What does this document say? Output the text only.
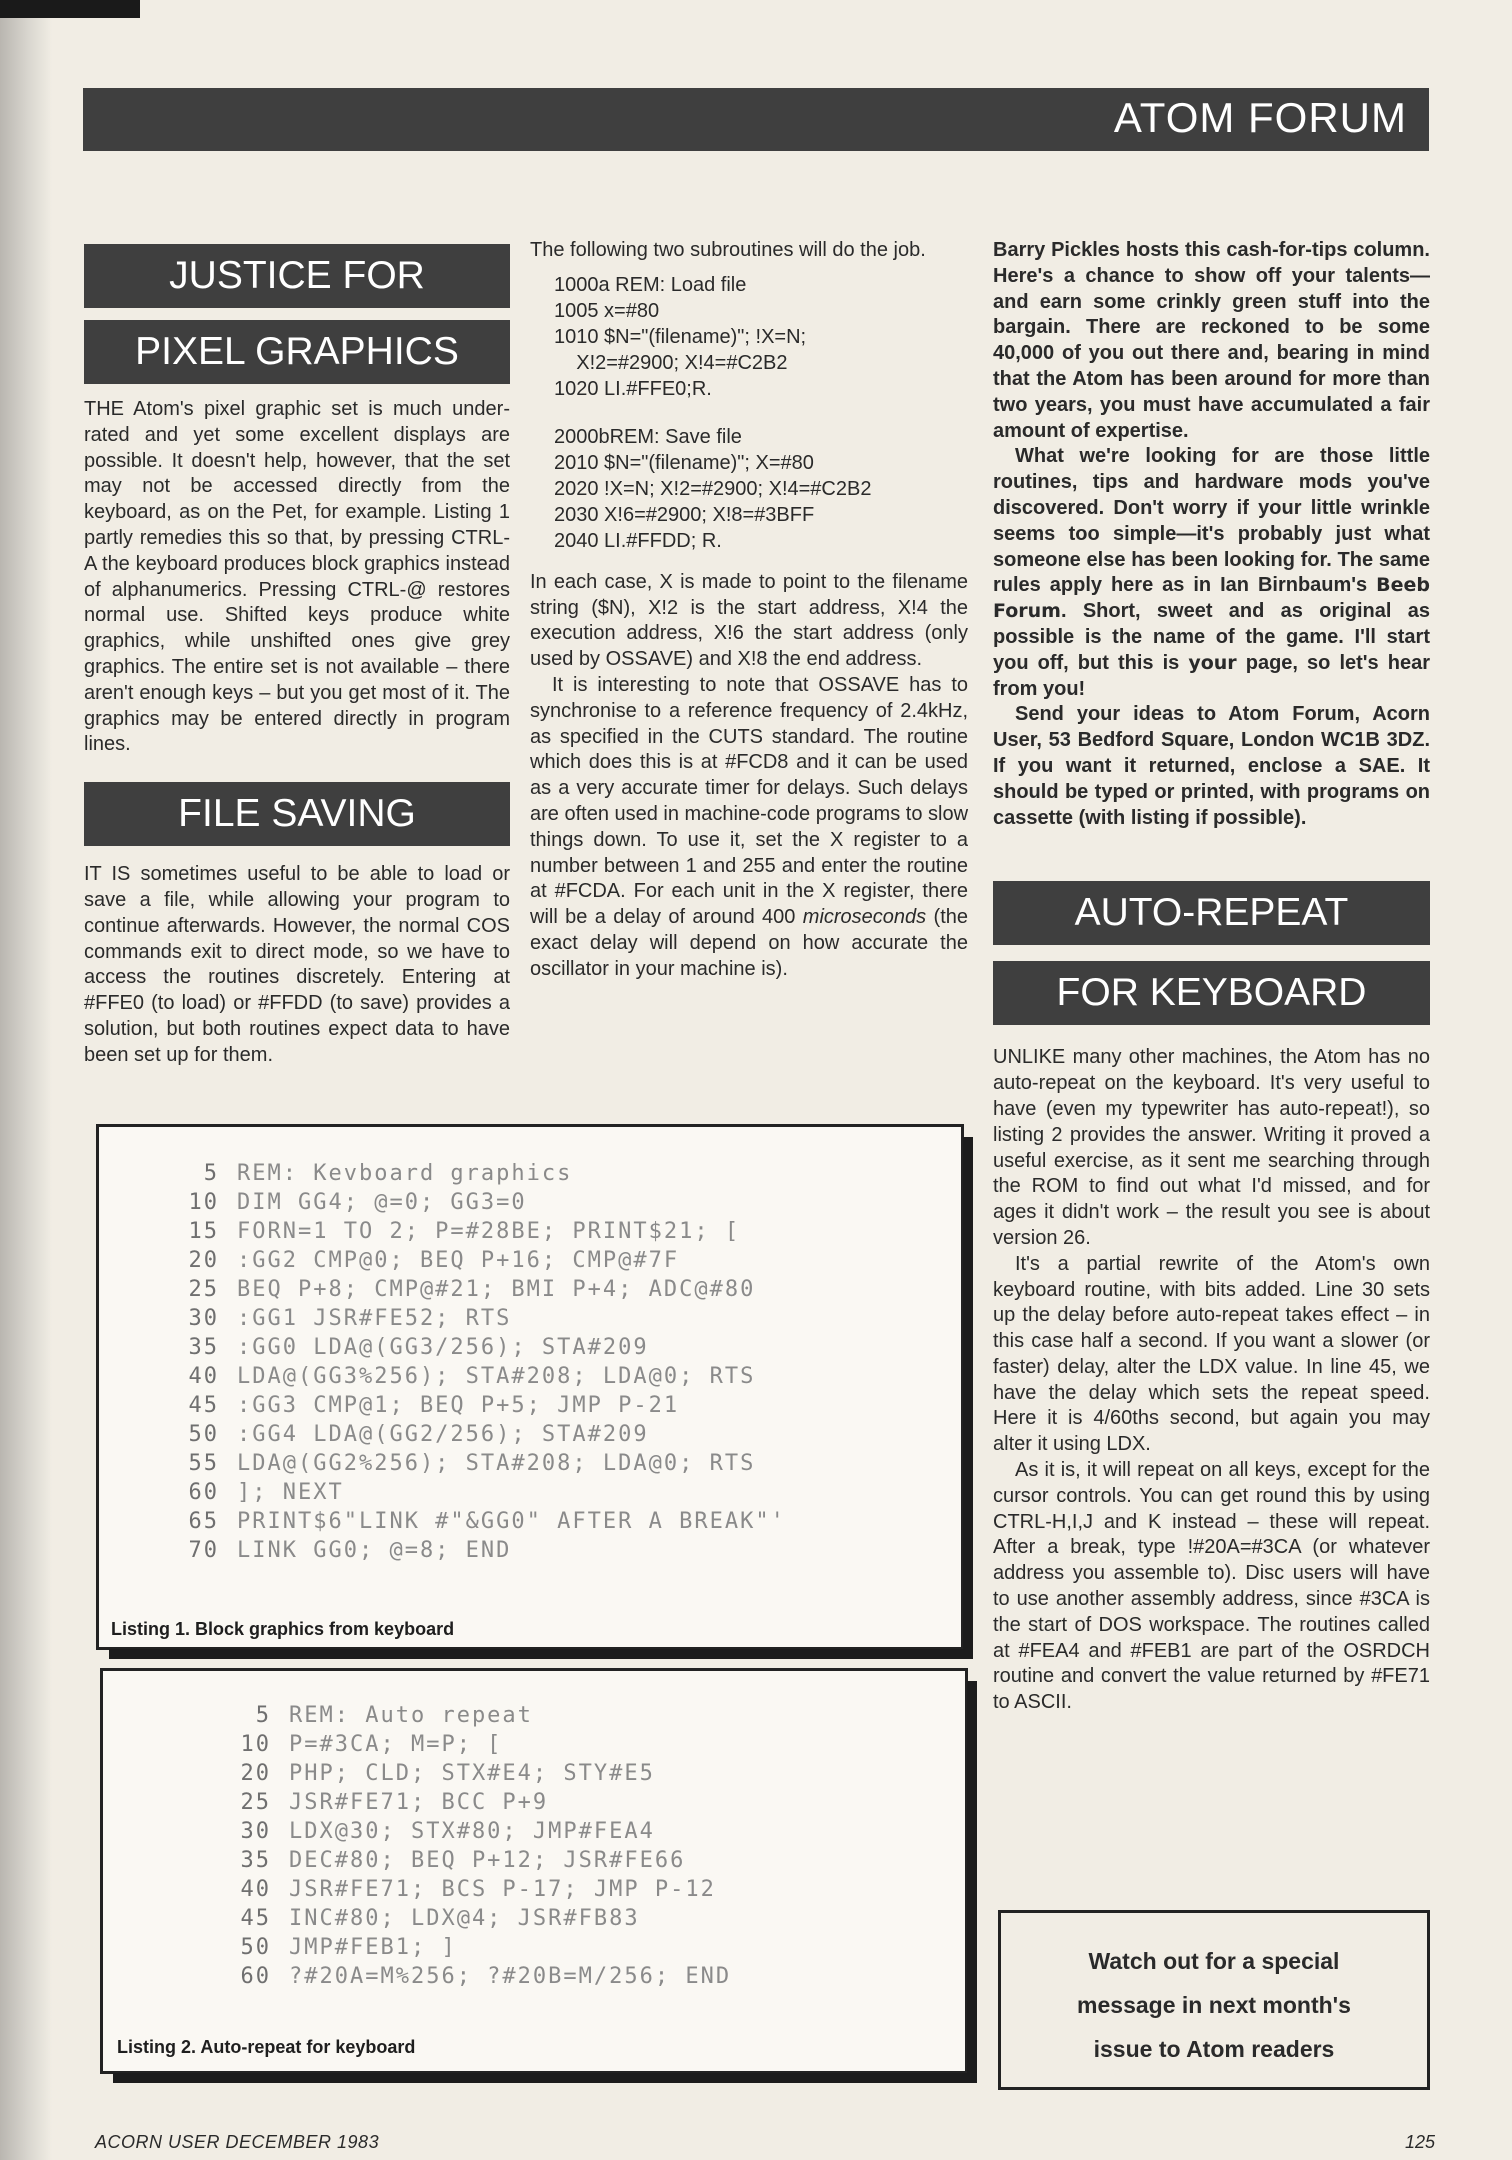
ATOM FORUM
JUSTICE FOR
PIXEL GRAPHICS

THE Atom's pixel graphic set is much under-rated and yet some excellent displays are possible. It doesn't help, however, that the set may not be accessed directly from the keyboard, as on the Pet, for example. Listing 1 partly remedies this so that, by pressing CTRL-A the keyboard produces block graphics instead of alphanumerics. Pressing CTRL-@ restores normal use. Shifted keys produce white graphics, while unshifted ones give grey graphics. The entire set is not available – there aren't enough keys – but you get most of it. The graphics may be entered directly in program lines.

FILE SAVING

IT IS sometimes useful to be able to load or save a file, while allowing your program to continue afterwards. However, the normal COS commands exit to direct mode, so we have to access the routines discretely. Entering at #FFE0 (to load) or #FFDD (to save) provides a solution, but both routines expect data to have been set up for them.

The following two subroutines will do the job.

1000a REM: Load file
1005 x=#80
1010 $N="(filename)"; !X=N;
X!2=#2900; X!4=#C2B2
1020 LI.#FFE0;R.
2000bREM: Save file
2010 $N="(filename)"; X=#80
2020 !X=N; X!2=#2900; X!4=#C2B2
2030 X!6=#2900; X!8=#3BFF
2040 LI.#FFDD; R.

In each case, X is made to point to the filename string ($N), X!2 is the start address, X!4 the execution address, X!6 the start address (only used by OSSAVE) and X!8 the end address.

It is interesting to note that OSSAVE has to synchronise to a reference frequency of 2.4kHz, as specified in the CUTS standard. The routine which does this is at #FCD8 and it can be used as a very accurate timer for delays. Such delays are often used in machine-code programs to slow things down. To use it, set the X register to a number between 1 and 255 and enter the routine at #FCDA. For each unit in the X register, there will be a delay of around 400 microseconds (the exact delay will depend on how accurate the oscillator in your machine is).

Barry Pickles hosts this cash-for-tips column. Here's a chance to show off your talents—and earn some crinkly green stuff into the bargain. There are reckoned to be some 40,000 of you out there and, bearing in mind that the Atom has been around for more than two years, you must have accumulated a fair amount of expertise.

What we're looking for are those little routines, tips and hardware mods you've discovered. Don't worry if your little wrinkle seems too simple—it's probably just what someone else has been looking for. The same rules apply here as in Ian Birnbaum's Beeb Forum. Short, sweet and as original as possible is the name of the game. I'll start you off, but this is your page, so let's hear from you!

Send your ideas to Atom Forum, Acorn User, 53 Bedford Square, London WC1B 3DZ. If you want it returned, enclose a SAE. It should be typed or printed, with programs on cassette (with listing if possible).

AUTO-REPEAT
FOR KEYBOARD

UNLIKE many other machines, the Atom has no auto-repeat on the keyboard. It's very useful to have (even my typewriter has auto-repeat!), so listing 2 provides the answer. Writing it proved a useful exercise, as it sent me searching through the ROM to find out what I'd missed, and for ages it didn't work – the result you see is about version 26.

It's a partial rewrite of the Atom's own keyboard routine, with bits added. Line 30 sets up the delay before auto-repeat takes effect – in this case half a second. If you want a slower (or faster) delay, alter the LDX value. In line 45, we have the delay which sets the repeat speed. Here it is 4/60ths second, but again you may alter it using LDX.

As it is, it will repeat on all keys, except for the cursor controls. You can get round this by using CTRL-H,I,J and K instead – these will repeat. After a break, type !#20A=#3CA (or whatever address you assemble to). Disc users will have to use another assembly address, since #3CA is the start of DOS workspace. The routines called at #FEA4 and #FEB1 are part of the OSRDCH routine and convert the value returned by #FE71 to ASCII.

5 REM: Kevboard graphics
10 DIM GG4; @=0; GG3=0
15 FORN=1 TO 2; P=#28BE; PRINT$21; [
20 :GG2 CMP@0; BEQ P+16; CMP@#7F
25 BEQ P+8; CMP@#21; BMI P+4; ADC@#80
30 :GG1 JSR#FE52; RTS
35 :GG0 LDA@(GG3/256); STA#209
40 LDA@(GG3%256); STA#208; LDA@0; RTS
45 :GG3 CMP@1; BEQ P+5; JMP P-21
50 :GG4 LDA@(GG2/256); STA#209
55 LDA@(GG2%256); STA#208; LDA@0; RTS
60 ]; NEXT
65 PRINT$6"LINK #"&GG0" AFTER A BREAK"'
70 LINK GG0; @=8; END
Listing 1. Block graphics from keyboard
5 REM: Auto repeat
10 P=#3CA; M=P; [
20 PHP; CLD; STX#E4; STY#E5
25 JSR#FE71; BCC P+9
30 LDX@30; STX#80; JMP#FEA4
35 DEC#80; BEQ P+12; JSR#FE66
40 JSR#FE71; BCS P-17; JMP P-12
45 INC#80; LDX@4; JSR#FB83
50 JMP#FEB1; ]
60 ?#20A=M%256; ?#20B=M/256; END
Listing 2. Auto-repeat for keyboard
Watch out for a special
message in next month's
issue to Atom readers
ACORN USER DECEMBER 1983	125
